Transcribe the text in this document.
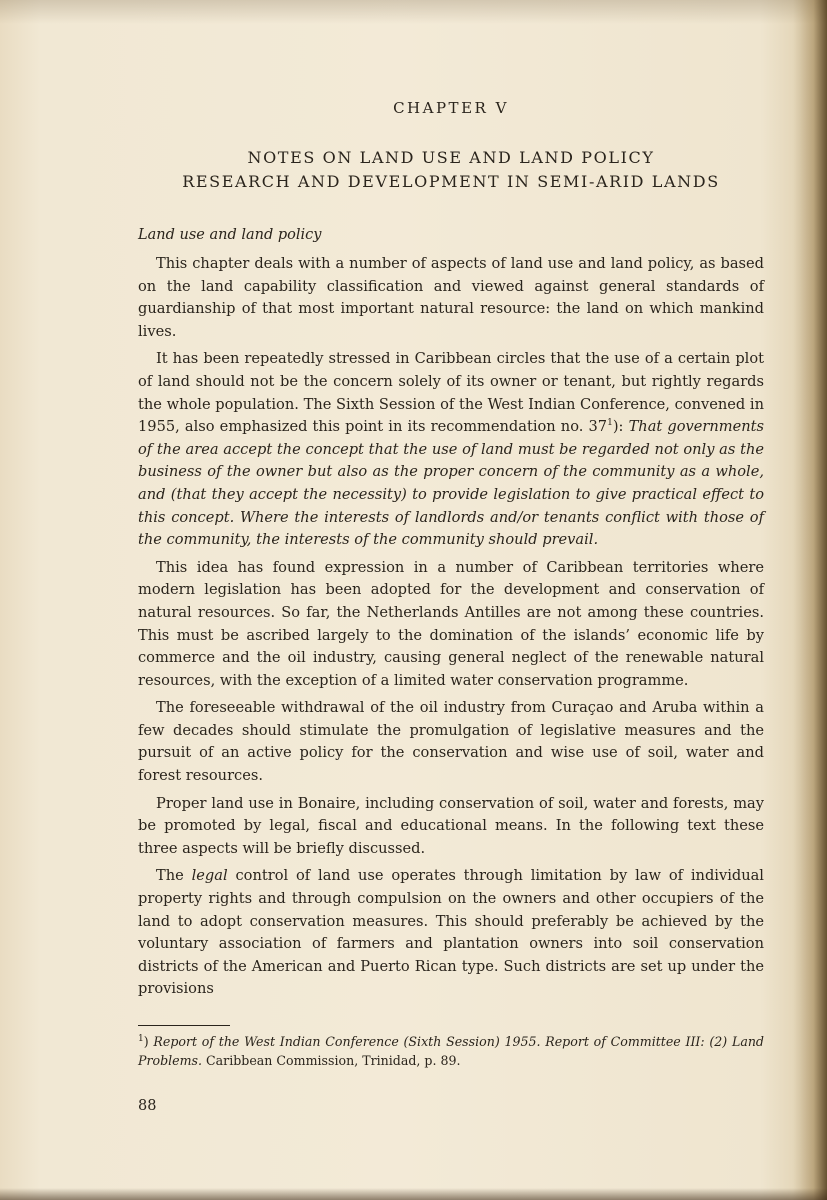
CHAPTER V
NOTES ON LAND USE AND LAND POLICY
RESEARCH AND DEVELOPMENT IN SEMI-ARID LANDS
Land use and land policy

This chapter deals with a number of aspects of land use and land policy, as based on the land capability classification and viewed against general standards of guardianship of that most important natural resource: the land on which mankind lives.

It has been repeatedly stressed in Caribbean circles that the use of a certain plot of land should not be the concern solely of its owner or tenant, but rightly regards the whole population. The Sixth Session of the West Indian Conference, convened in 1955, also emphasized this point in its recommendation no. $37^1$): That governments of the area accept the concept that the use of land must be regarded not only as the business of the owner but also as the proper concern of the community as a whole, and (that they accept the necessity) to provide legislation to give practical effect to this concept. Where the interests of landlords and/or tenants conflict with those of the community, the interests of the community should prevail.

This idea has found expression in a number of Caribbean territories where modern legislation has been adopted for the development and conservation of natural resources. So far, the Netherlands Antilles are not among these countries. This must be ascribed largely to the domination of the islands’ economic life by commerce and the oil industry, causing general neglect of the renewable natural resources, with the exception of a limited water conservation programme.

The foreseeable withdrawal of the oil industry from Curaçao and Aruba within a few decades should stimulate the promulgation of legislative measures and the pursuit of an active policy for the conservation and wise use of soil, water and forest resources.

Proper land use in Bonaire, including conservation of soil, water and forests, may be promoted by legal, fiscal and educational means. In the following text these three aspects will be briefly discussed.

The legal control of land use operates through limitation by law of individual property rights and through compulsion on the owners and other occupiers of the land to adopt conservation measures. This should preferably be achieved by the voluntary association of farmers and plantation owners into soil conservation districts of the American and Puerto Rican type. Such districts are set up under the provisions

$^1$) Report of the West Indian Conference (Sixth Session) 1955. Report of Committee III: (2) Land Problems. Caribbean Commission, Trinidad, p. 89.

88
